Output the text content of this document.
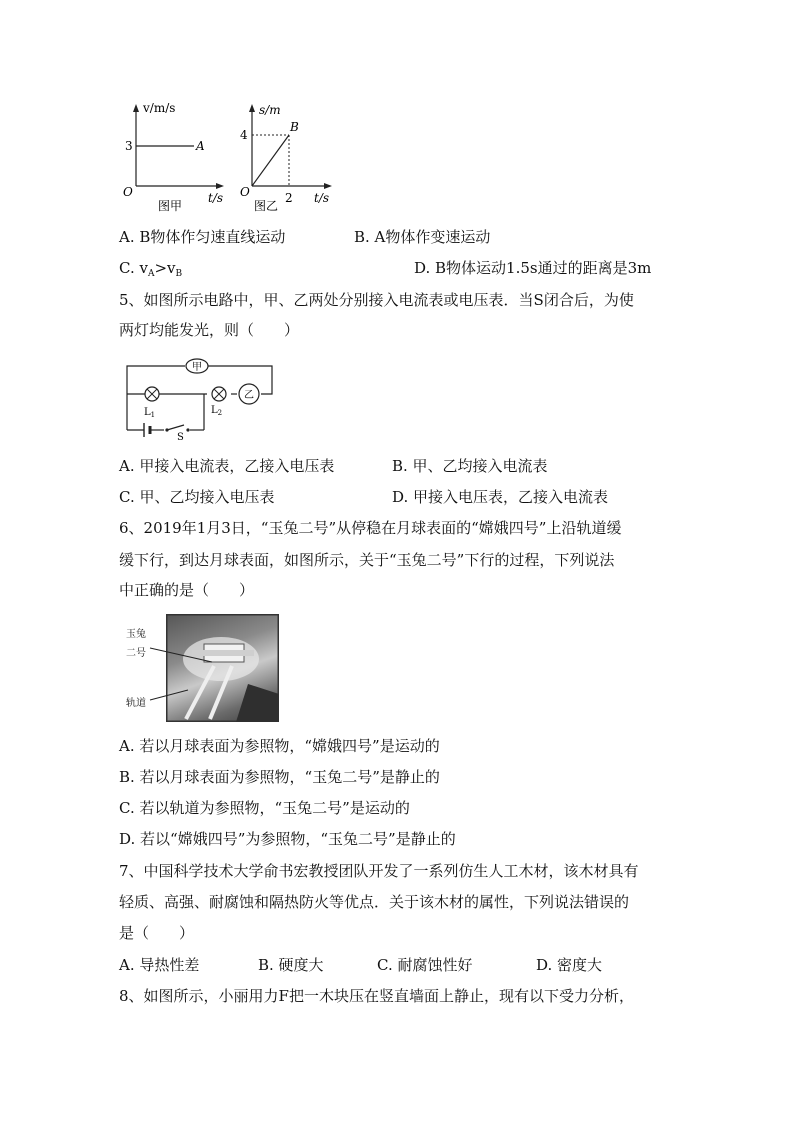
v/m/s
3	A
O	t/s
图甲
s/m
4
B
O	2 t/s
图乙
A. B物体作匀速直线运动	B. A物体作变速运动
C. $v_A>v_B$	D. B物体运动1.5s通过的距离是3m
5、如图所示电路中，甲、乙两处分别接入电流表或电压表．当S闭合后，为使
两灯均能发光，则（　　）
甲
乙
$L_1$	$L_2$
S
A. 甲接入电流表，乙接入电压表	B. 甲、乙均接入电流表
C. 甲、乙均接入电压表	D. 甲接入电压表，乙接入电流表
6、2019年1月3日，“玉兔二号”从停稳在月球表面的“嫦娥四号”上沿轨道缓
缓下行，到达月球表面，如图所示，关于“玉兔二号”下行的过程，下列说法
中正确的是（　　）
玉兔
二号
轨道
A. 若以月球表面为参照物，“嫦娥四号”是运动的
B. 若以月球表面为参照物，“玉兔二号”是静止的
C. 若以轨道为参照物，“玉兔二号”是运动的
D. 若以“嫦娥四号”为参照物，“玉兔二号”是静止的
7、中国科学技术大学俞书宏教授团队开发了一系列仿生人工木材，该木材具有
轻质、高强、耐腐蚀和隔热防火等优点．关于该木材的属性，下列说法错误的
是（　　）
A. 导热性差	B. 硬度大	C. 耐腐蚀性好	D. 密度大
8、如图所示，小丽用力F把一木块压在竖直墙面上静止，现有以下受力分析，
